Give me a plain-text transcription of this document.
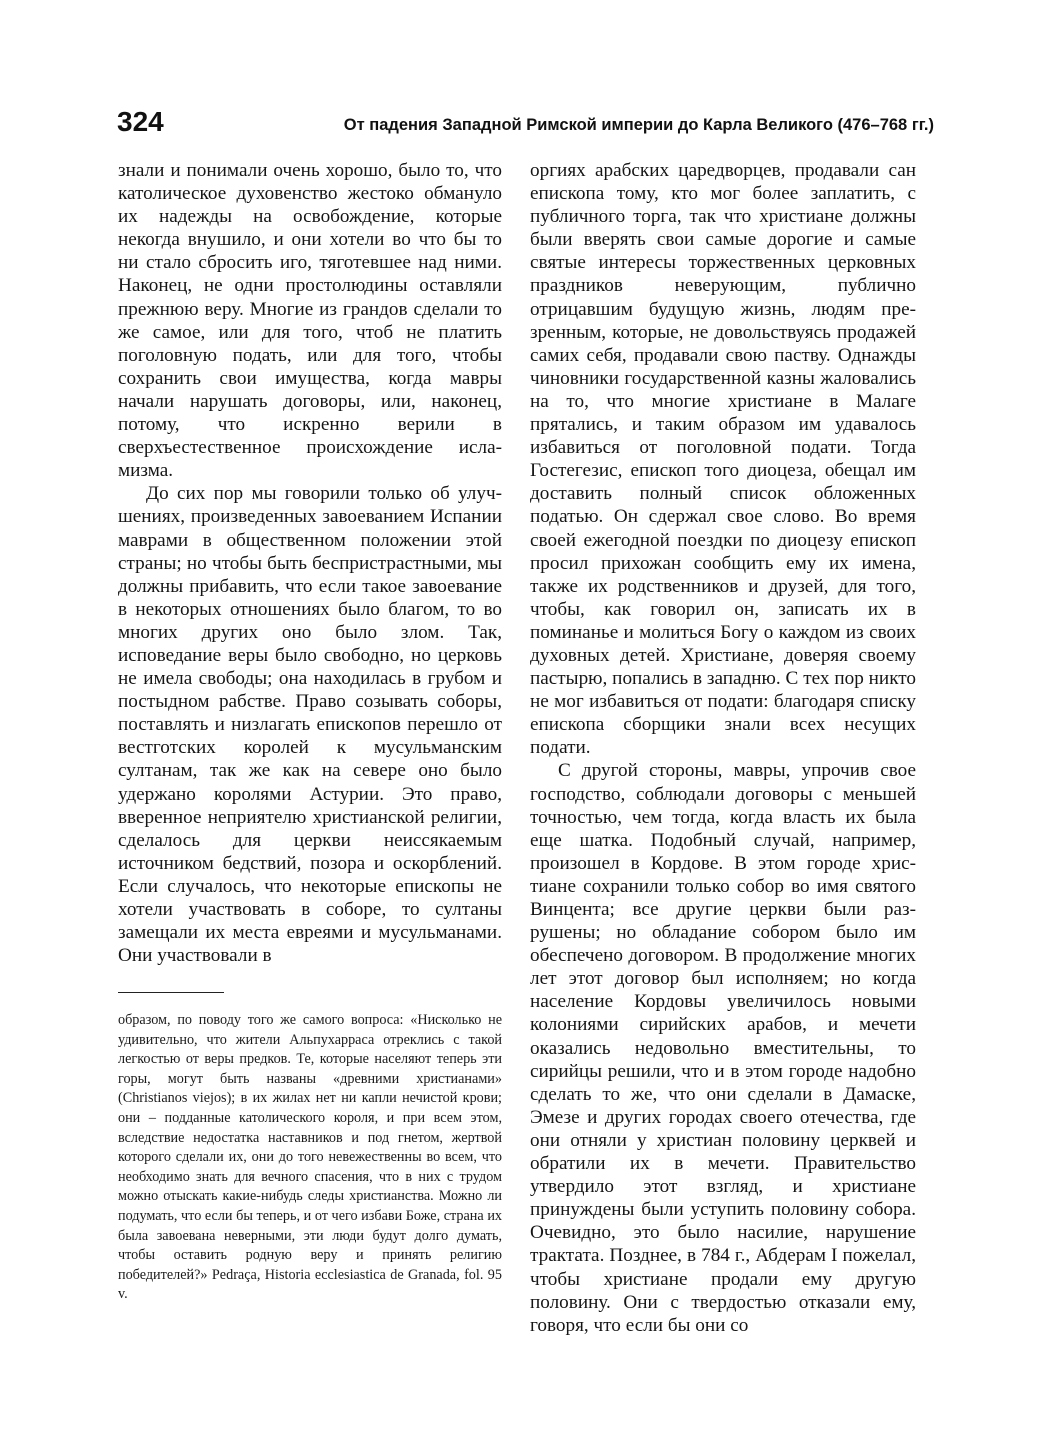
324	От падения Западной Римской империи до Карла Великого (476–768 гг.)

знали и понимали очень хорошо, было то, что католическое духовенство жестоко обмануло их надежды на освобождение, которые некогда внушило, и они хотели во что бы то ни стало сбросить иго, тяготевшее над ними. Наконец, не одни простолюдины оставляли прежнюю веру. Многие из грандов сделали то же самое, или для того, чтоб не платить поголовную подать, или для того, чтобы сохранить свои имущества, когда мавры начали нарушать договоры, или, наконец, потому, что искренно верили в сверхъестественное происхождение исламизма.

До сих пор мы говорили только об улучшениях, произведенных завоеванием Испании маврами в общественном положении этой страны; но чтобы быть беспристрастными, мы должны прибавить, что если такое завоевание в некоторых отношениях было благом, то во многих других оно было злом. Так, исповедание веры было свободно, но церковь не имела свободы; она находилась в грубом и постыдном рабстве. Право созывать соборы, поставлять и низлагать епископов перешло от вестготских королей к мусульманским султанам, так же как на севере оно было удержано королями Астурии. Это право, вверенное неприятелю христианской религии, сделалось для церкви неиссякаемым источником бедствий, позора и оскорблений. Если случалось, что некоторые епископы не хотели участвовать в соборе, то султаны замещали их места евреями и мусульманами. Они участвовали в

образом, по поводу того же самого вопроса: «Нисколько не удивительно, что жители Альпухарраса отреклись с такой легкостью от веры предков. Те, которые населяют теперь эти горы, могут быть названы «древними христианами» (Christianos viejos); в их жилах нет ни капли нечистой крови; они – подданные католического короля, и при всем этом, вследствие недостатка наставников и под гнетом, жертвой которого сделали их, они до того невежественны во всем, что необходимо знать для вечного спасения, что в них с трудом можно отыскать какие-нибудь следы христианства. Можно ли подумать, что если бы теперь, и от чего избави Боже, страна их была завоевана неверными, эти люди будут долго думать, чтобы оставить родную веру и принять религию победителей?» Pedraça, Historia ecclesiastica de Granada, fol. 95 v.

оргиях арабских царедворцев, продавали сан епископа тому, кто мог более заплатить, с публичного торга, так что христиане должны были вверять свои самые дорогие и самые святые интересы торжественных церковных праздников неверующим, публично отрицавшим будущую жизнь, людям презренным, которые, не довольствуясь продажей самих себя, продавали свою паству. Однажды чиновники государственной казны жаловались на то, что многие христиане в Малаге прятались, и таким образом им удавалось избавиться от поголовной подати. Тогда Гостегезис, епископ того диоцеза, обещал им доставить полный список обложенных податью. Он сдержал свое слово. Во время своей ежегодной поездки по диоцезу епископ просил прихожан сообщить ему их имена, также их родственников и друзей, для того, чтобы, как говорил он, записать их в поминанье и молиться Богу о каждом из своих духовных детей. Христиане, доверяя своему пастырю, попались в западню. С тех пор никто не мог избавиться от подати: благодаря списку епископа сборщики знали всех несущих подати.

С другой стороны, мавры, упрочив свое господство, соблюдали договоры с меньшей точностью, чем тогда, когда власть их была еще шатка. Подобный случай, например, произошел в Кордове. В этом городе христиане сохранили только собор во имя святого Винцента; все другие церкви были разрушены; но обладание собором было им обеспечено договором. В продолжение многих лет этот договор был исполняем; но когда население Кордовы увеличилось новыми колониями сирийских арабов, и мечети оказались недовольно вместительны, то сирийцы решили, что и в этом городе надобно сделать то же, что они сделали в Дамаске, Эмезе и других городах своего отечества, где они отняли у христиан половину церквей и обратили их в мечети. Правительство утвердило этот взгляд, и христиане принуждены были уступить половину собора. Очевидно, это было насилие, нарушение трактата. Позднее, в 784 г., Абдерам I пожелал, чтобы христиане продали ему другую половину. Они с твердостью отказали ему, говоря, что если бы они со
